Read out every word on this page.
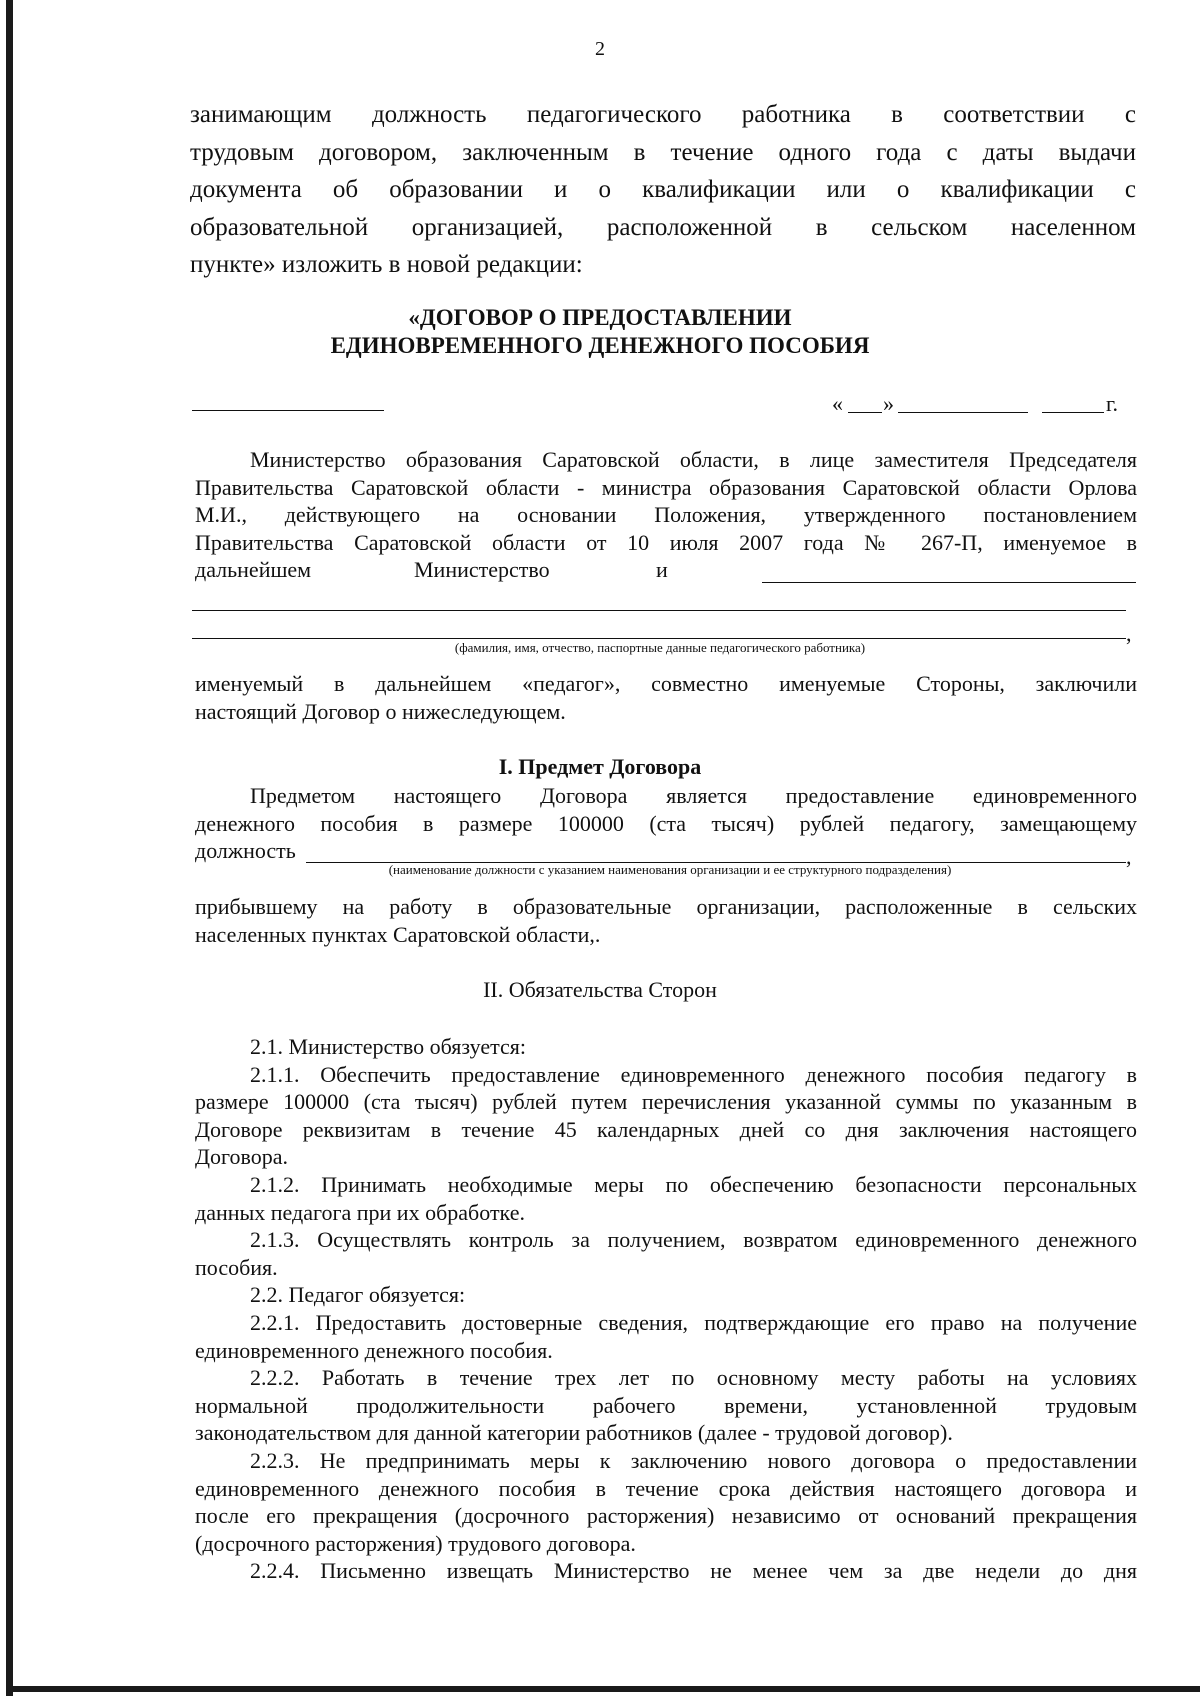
2
занимающим должность педагогического работника в соответствии с
трудовым договором, заключенным в течение одного года с даты выдачи
документа об образовании и о квалификации или о квалификации с
образовательной организацией, расположенной в сельском населенном
пункте» изложить в новой редакции:
«ДОГОВОР О ПРЕДОСТАВЛЕНИИ
ЕДИНОВРЕМЕННОГО ДЕНЕЖНОГО ПОСОБИЯ
« »	г.
Министерство образования Саратовской области, в лице заместителя Председателя
Правительства Саратовской области - министра образования Саратовской области Орлова
М.И., действующего на основании Положения, утвержденного постановлением
Правительства Саратовской области от 10 июля 2007 года № 267-П, именуемое в
дальнейшем	Министерство	и
,
(фамилия, имя, отчество, паспортные данные педагогического работника)
именуемый в дальнейшем «педагог», совместно именуемые Стороны, заключили
настоящий Договор о нижеследующем.
I. Предмет Договора
Предметом настоящего Договора является предоставление единовременного
денежного пособия в размере 100000 (ста тысяч) рублей педагогу, замещающему
должность	,
(наименование должности с указанием наименования организации и ее структурного подразделения)
прибывшему на работу в образовательные организации, расположенные в сельских
населенных пунктах Саратовской области,.
II. Обязательства Сторон
2.1. Министерство обязуется:
2.1.1. Обеспечить предоставление единовременного денежного пособия педагогу в
размере 100000 (ста тысяч) рублей путем перечисления указанной суммы по указанным в
Договоре реквизитам в течение 45 календарных дней со дня заключения настоящего
Договора.
2.1.2. Принимать необходимые меры по обеспечению безопасности персональных
данных педагога при их обработке.
2.1.3. Осуществлять контроль за получением, возвратом единовременного денежного
пособия.
2.2. Педагог обязуется:
2.2.1. Предоставить достоверные сведения, подтверждающие его право на получение
единовременного денежного пособия.
2.2.2. Работать в течение трех лет по основному месту работы на условиях
нормальной продолжительности рабочего времени, установленной трудовым
законодательством для данной категории работников (далее - трудовой договор).
2.2.3. Не предпринимать меры к заключению нового договора о предоставлении
единовременного денежного пособия в течение срока действия настоящего договора и
после его прекращения (досрочного расторжения) независимо от оснований прекращения
(досрочного расторжения) трудового договора.
2.2.4. Письменно извещать Министерство не менее чем за две недели до дня
